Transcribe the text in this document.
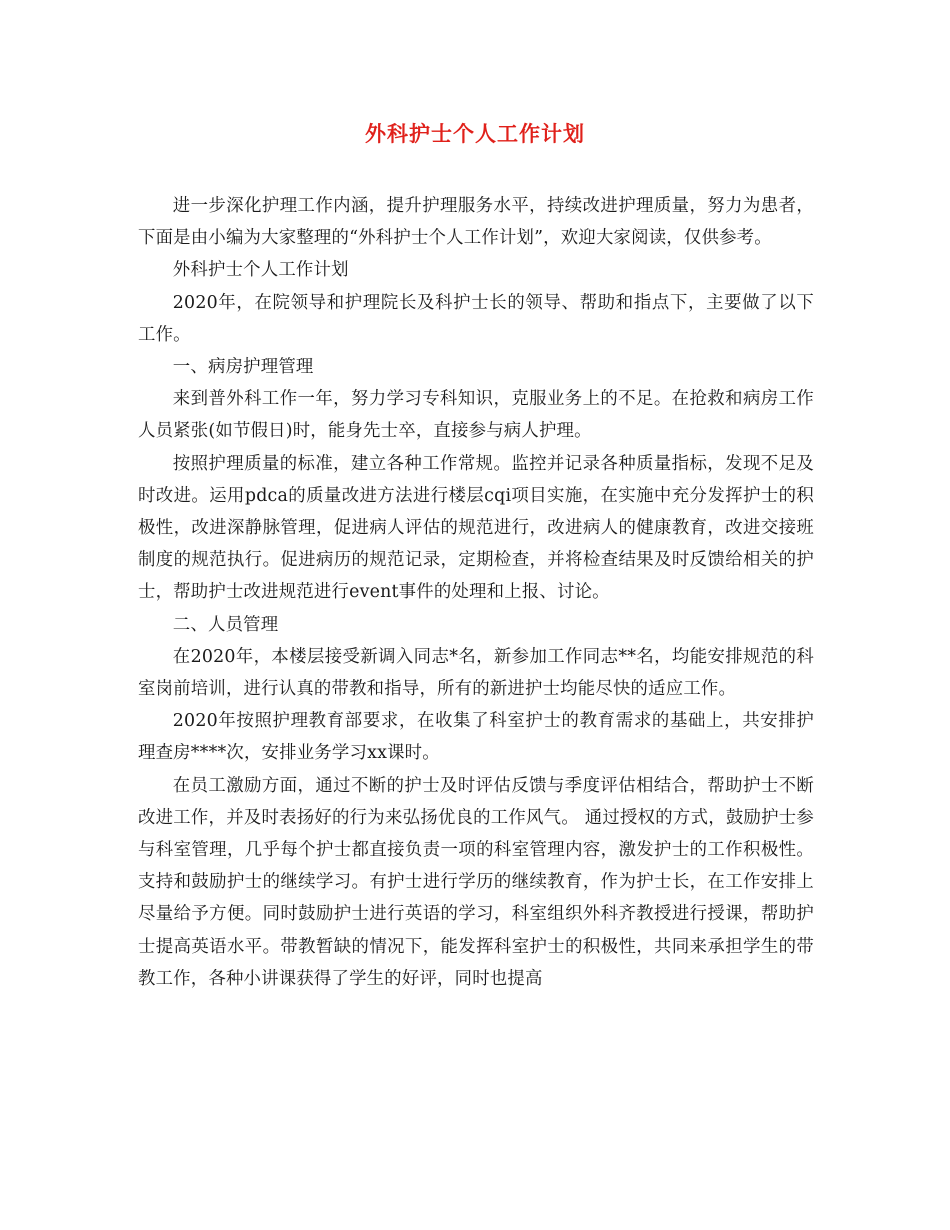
外科护士个人工作计划

进一步深化护理工作内涵，提升护理服务水平，持续改进护理质量，努力为患者，下面是由小编为大家整理的“外科护士个人工作计划”，欢迎大家阅读，仅供参考。

外科护士个人工作计划

2020年，在院领导和护理院长及科护士长的领导、帮助和指点下，主要做了以下工作。

一、病房护理管理

来到普外科工作一年，努力学习专科知识，克服业务上的不足。在抢救和病房工作人员紧张(如节假日)时，能身先士卒，直接参与病人护理。

按照护理质量的标准，建立各种工作常规。监控并记录各种质量指标，发现不足及时改进。运用pdca的质量改进方法进行楼层cqi项目实施，在实施中充分发挥护士的积极性，改进深静脉管理，促进病人评估的规范进行，改进病人的健康教育，改进交接班制度的规范执行。促进病历的规范记录，定期检查，并将检查结果及时反馈给相关的护士，帮助护士改进规范进行event事件的处理和上报、讨论。

二、人员管理

在2020年，本楼层接受新调入同志*名，新参加工作同志**名，均能安排规范的科室岗前培训，进行认真的带教和指导，所有的新进护士均能尽快的适应工作。

2020年按照护理教育部要求，在收集了科室护士的教育需求的基础上，共安排护理查房****次，安排业务学习xx课时。

在员工激励方面，通过不断的护士及时评估反馈与季度评估相结合，帮助护士不断改进工作，并及时表扬好的行为来弘扬优良的工作风气。 通过授权的方式，鼓励护士参与科室管理，几乎每个护士都直接负责一项的科室管理内容，激发护士的工作积极性。支持和鼓励护士的继续学习。有护士进行学历的继续教育，作为护士长，在工作安排上尽量给予方便。同时鼓励护士进行英语的学习，科室组织外科齐教授进行授课，帮助护士提高英语水平。带教暂缺的情况下，能发挥科室护士的积极性，共同来承担学生的带教工作，各种小讲课获得了学生的好评，同时也提高
